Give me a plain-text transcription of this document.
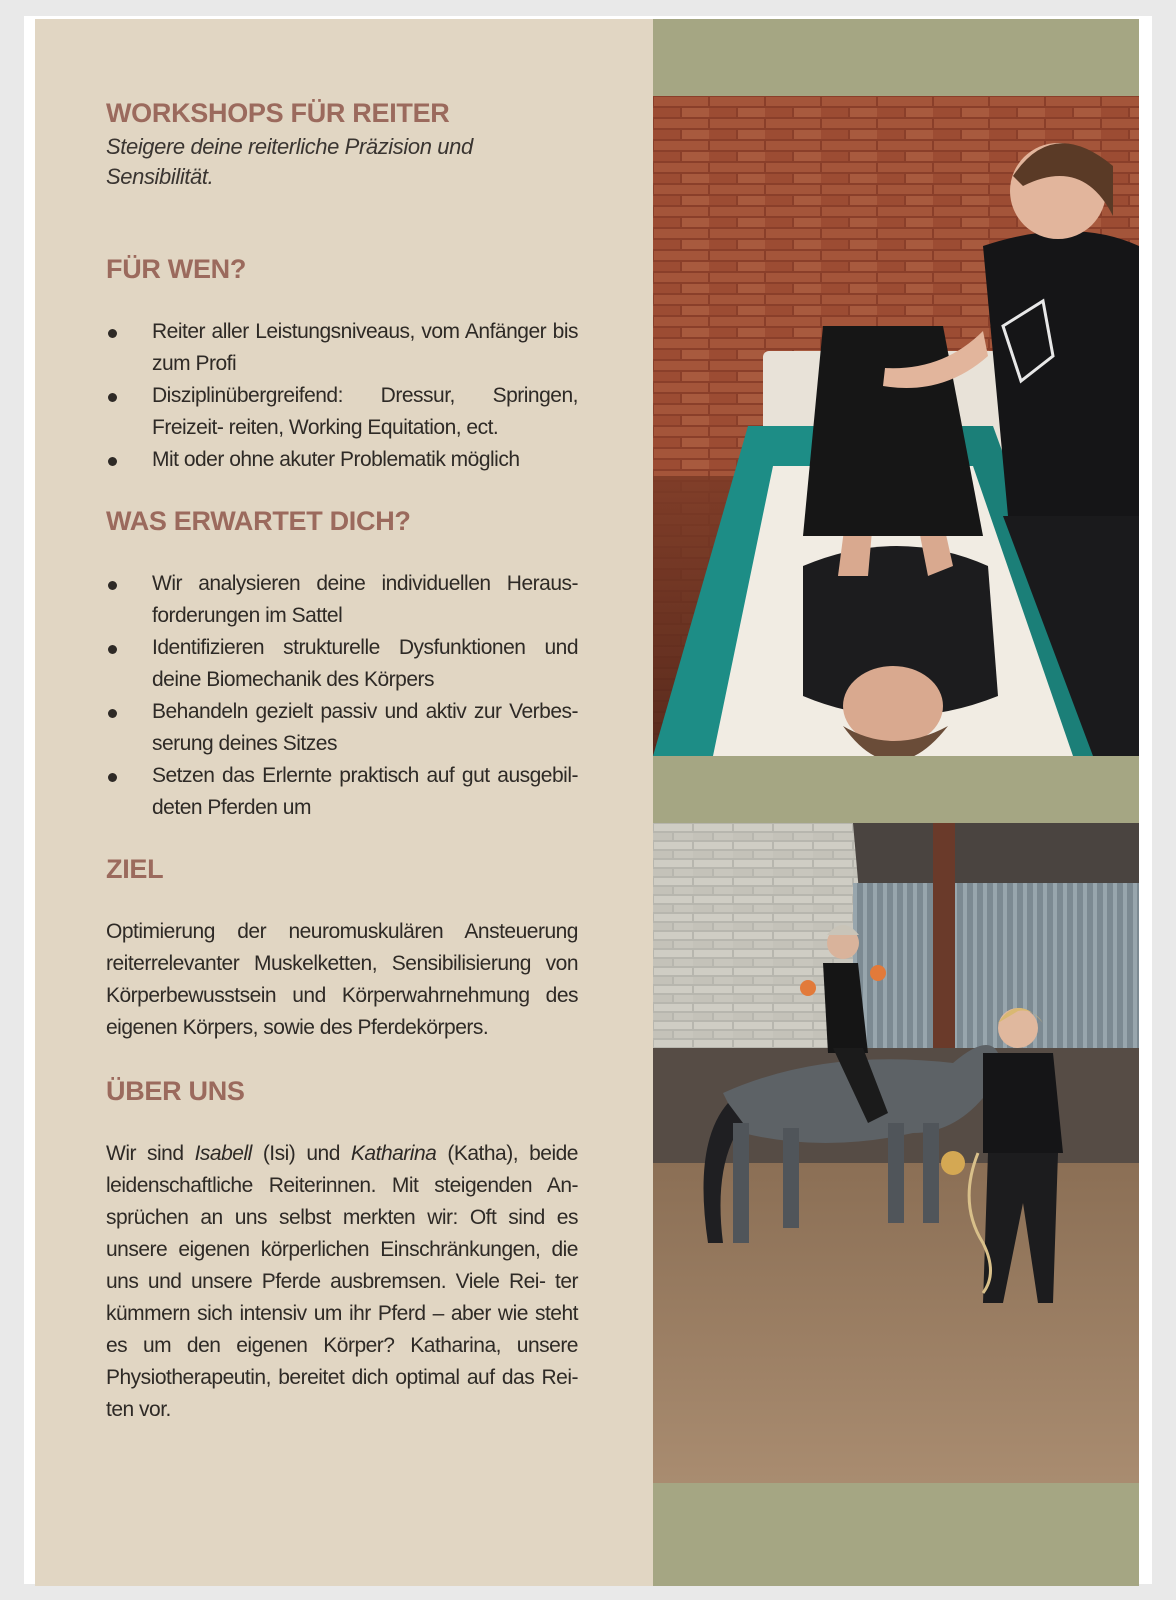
WORKSHOPS FÜR REITER
Steigere deine reiterliche Präzision und Sensibilität.
FÜR WEN?
Reiter aller Leistungsniveaus, vom Anfänger bis zum Profi
Disziplinübergreifend: Dressur, Springen, Freizeit- reiten, Working Equitation, ect.
Mit oder ohne akuter Problematik möglich
WAS ERWARTET DICH?
Wir analysieren deine individuellen Heraus- forderungen im Sattel
Identifizieren strukturelle Dysfunktionen und deine Biomechanik des Körpers
Behandeln gezielt passiv und aktiv zur Verbes- serung deines Sitzes
Setzen das Erlernte praktisch auf gut ausgebil- deten Pferden um
ZIEL

Optimierung der neuromuskulären Ansteuerung reiterrelevanter Muskelketten, Sensibilisierung von Körperbewusstsein und Körperwahrnehmung des eigenen Körpers, sowie des Pferdekörpers.

ÜBER UNS

Wir sind Isabell (Isi) und Katharina (Katha), beide leidenschaftliche Reiterinnen. Mit steigenden An- sprüchen an uns selbst merkten wir: Oft sind es unsere eigenen körperlichen Einschränkungen, die uns und unsere Pferde ausbremsen. Viele Rei- ter kümmern sich intensiv um ihr Pferd – aber wie steht es um den eigenen Körper? Katharina, unsere Physiotherapeutin, bereitet dich optimal auf das Rei- ten vor.
